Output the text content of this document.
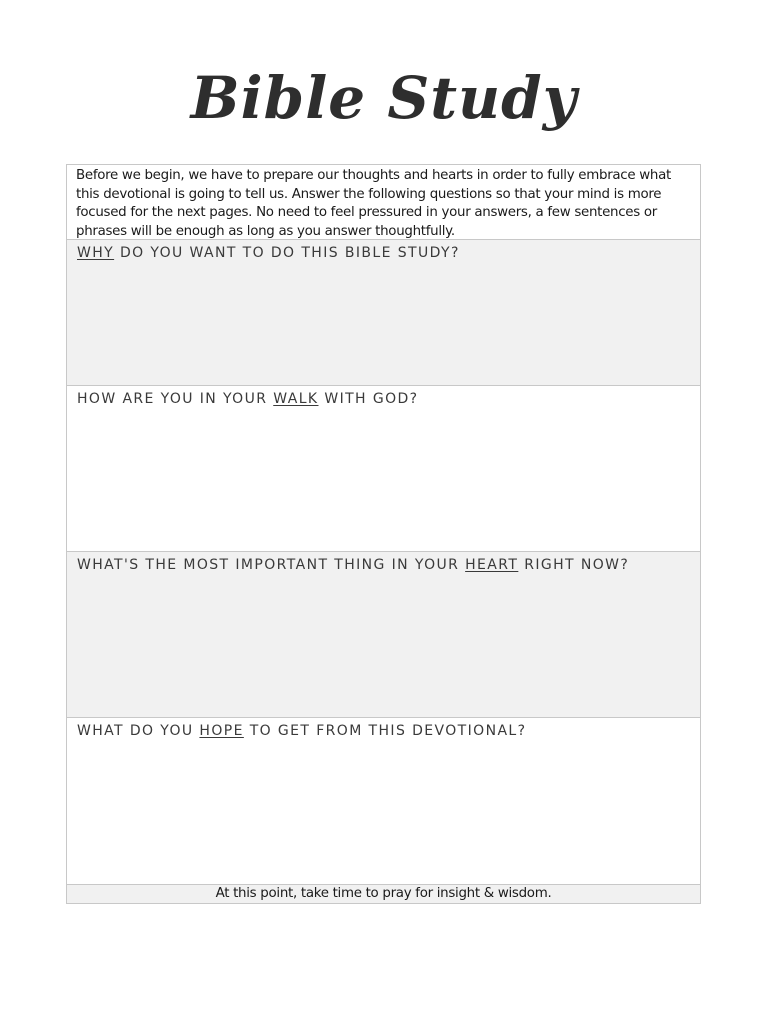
Bible Study
Before we begin, we have to prepare our thoughts and hearts in order to fully embrace what this devotional is going to tell us. Answer the following questions so that your mind is more focused for the next pages. No need to feel pressured in your answers, a few sentences or phrases will be enough as long as you answer thoughtfully.
WHY DO YOU WANT TO DO THIS BIBLE STUDY?
HOW ARE YOU IN YOUR WALK WITH GOD?
WHAT'S THE MOST IMPORTANT THING IN YOUR HEART RIGHT NOW?
WHAT DO YOU HOPE TO GET FROM THIS DEVOTIONAL?
At this point, take time to pray for insight & wisdom.
